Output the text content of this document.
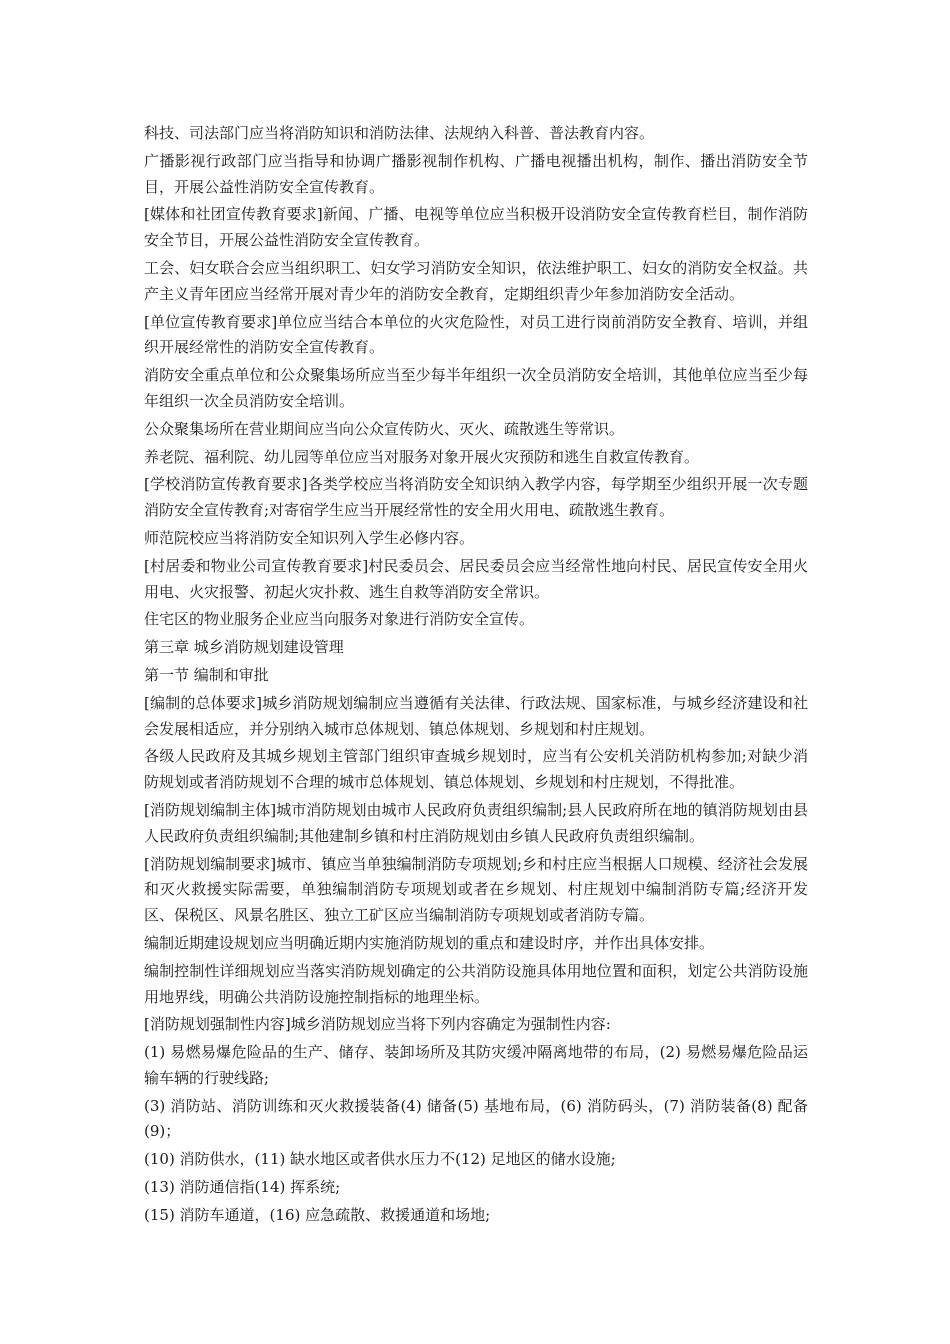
科技、司法部门应当将消防知识和消防法律、法规纳入科普、普法教育内容。

广播影视行政部门应当指导和协调广播影视制作机构、广播电视播出机构，制作、播出消防安全节目，开展公益性消防安全宣传教育。

[媒体和社团宣传教育要求]新闻、广播、电视等单位应当积极开设消防安全宣传教育栏目，制作消防安全节目，开展公益性消防安全宣传教育。

工会、妇女联合会应当组织职工、妇女学习消防安全知识，依法维护职工、妇女的消防安全权益。共产主义青年团应当经常开展对青少年的消防安全教育，定期组织青少年参加消防安全活动。

[单位宣传教育要求]单位应当结合本单位的火灾危险性，对员工进行岗前消防安全教育、培训，并组织开展经常性的消防安全宣传教育。

消防安全重点单位和公众聚集场所应当至少每半年组织一次全员消防安全培训，其他单位应当至少每年组织一次全员消防安全培训。

公众聚集场所在营业期间应当向公众宣传防火、灭火、疏散逃生等常识。

养老院、福利院、幼儿园等单位应当对服务对象开展火灾预防和逃生自救宣传教育。

[学校消防宣传教育要求]各类学校应当将消防安全知识纳入教学内容，每学期至少组织开展一次专题消防安全宣传教育;对寄宿学生应当开展经常性的安全用火用电、疏散逃生教育。

师范院校应当将消防安全知识列入学生必修内容。

[村居委和物业公司宣传教育要求]村民委员会、居民委员会应当经常性地向村民、居民宣传安全用火用电、火灾报警、初起火灾扑救、逃生自救等消防安全常识。

住宅区的物业服务企业应当向服务对象进行消防安全宣传。

第三章 城乡消防规划建设管理

第一节 编制和审批

[编制的总体要求]城乡消防规划编制应当遵循有关法律、行政法规、国家标准，与城乡经济建设和社会发展相适应，并分别纳入城市总体规划、镇总体规划、乡规划和村庄规划。

各级人民政府及其城乡规划主管部门组织审查城乡规划时，应当有公安机关消防机构参加;对缺少消防规划或者消防规划不合理的城市总体规划、镇总体规划、乡规划和村庄规划，不得批准。

[消防规划编制主体]城市消防规划由城市人民政府负责组织编制;县人民政府所在地的镇消防规划由县人民政府负责组织编制;其他建制乡镇和村庄消防规划由乡镇人民政府负责组织编制。

[消防规划编制要求]城市、镇应当单独编制消防专项规划;乡和村庄应当根据人口规模、经济社会发展和灭火救援实际需要，单独编制消防专项规划或者在乡规划、村庄规划中编制消防专篇;经济开发区、保税区、风景名胜区、独立工矿区应当编制消防专项规划或者消防专篇。

编制近期建设规划应当明确近期内实施消防规划的重点和建设时序，并作出具体安排。

编制控制性详细规划应当落实消防规划确定的公共消防设施具体用地位置和面积，划定公共消防设施用地界线，明确公共消防设施控制指标的地理坐标。

[消防规划强制性内容]城乡消防规划应当将下列内容确定为强制性内容:

(1) 易燃易爆危险品的生产、储存、装卸场所及其防灾缓冲隔离地带的布局，(2) 易燃易爆危险品运输车辆的行驶线路;

(3) 消防站、消防训练和灭火救援装备(4) 储备(5) 基地布局，(6) 消防码头，(7) 消防装备(8) 配备(9)；

(10) 消防供水，(11) 缺水地区或者供水压力不(12) 足地区的储水设施;

(13) 消防通信指(14) 挥系统;

(15) 消防车通道，(16) 应急疏散、救援通道和场地;
